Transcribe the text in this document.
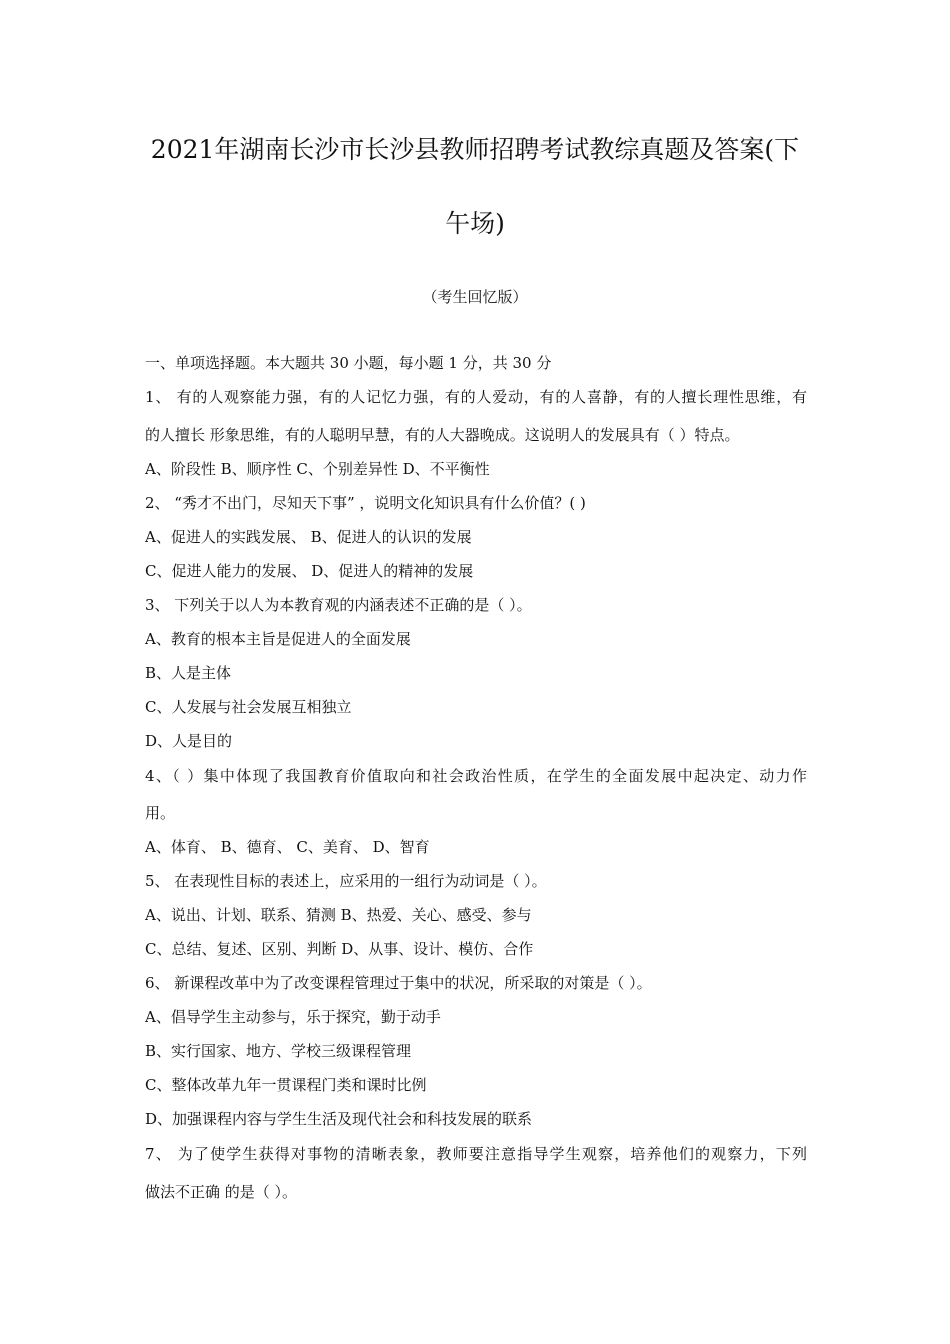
2021年湖南长沙市长沙县教师招聘考试教综真题及答案(下
午场)
（考生回忆版）
一、单项选择题。本大题共 30 小题，每小题 1 分，共 30 分
1、 有的人观察能力强，有的人记忆力强，有的人爱动，有的人喜静，有的人擅长理性思维，有
的人擅长 形象思维，有的人聪明早慧，有的人大器晚成。这说明人的发展具有（ ）特点。
A、阶段性 B、顺序性 C、个别差异性 D、不平衡性
2、 “秀才不出门，尽知天下事” ，说明文化知识具有什么价值？( )
A、促进人的实践发展、 B、促进人的认识的发展
C、促进人能力的发展、 D、促进人的精神的发展
3、 下列关于以人为本教育观的内涵表述不正确的是（ ）。
A、教育的根本主旨是促进人的全面发展
B、人是主体
C、人发展与社会发展互相独立
D、人是目的
4、（ ）集中体现了我国教育价值取向和社会政治性质，在学生的全面发展中起决定、动力作
用。
A、体育、 B、德育、 C、美育、 D、智育
5、 在表现性目标的表述上，应采用的一组行为动词是（ ）。
A、说出、计划、联系、猜测 B、热爱、关心、感受、参与
C、总结、复述、区别、判断 D、从事、设计、模仿、合作
6、 新课程改革中为了改变课程管理过于集中的状况，所采取的对策是（ ）。
A、倡导学生主动参与，乐于探究，勤于动手
B、实行国家、地方、学校三级课程管理
C、整体改革九年一贯课程门类和课时比例
D、加强课程内容与学生生活及现代社会和科技发展的联系
7、 为了使学生获得对事物的清晰表象，教师要注意指导学生观察，培养他们的观察力，下列
做法不正确 的是（ ）。
